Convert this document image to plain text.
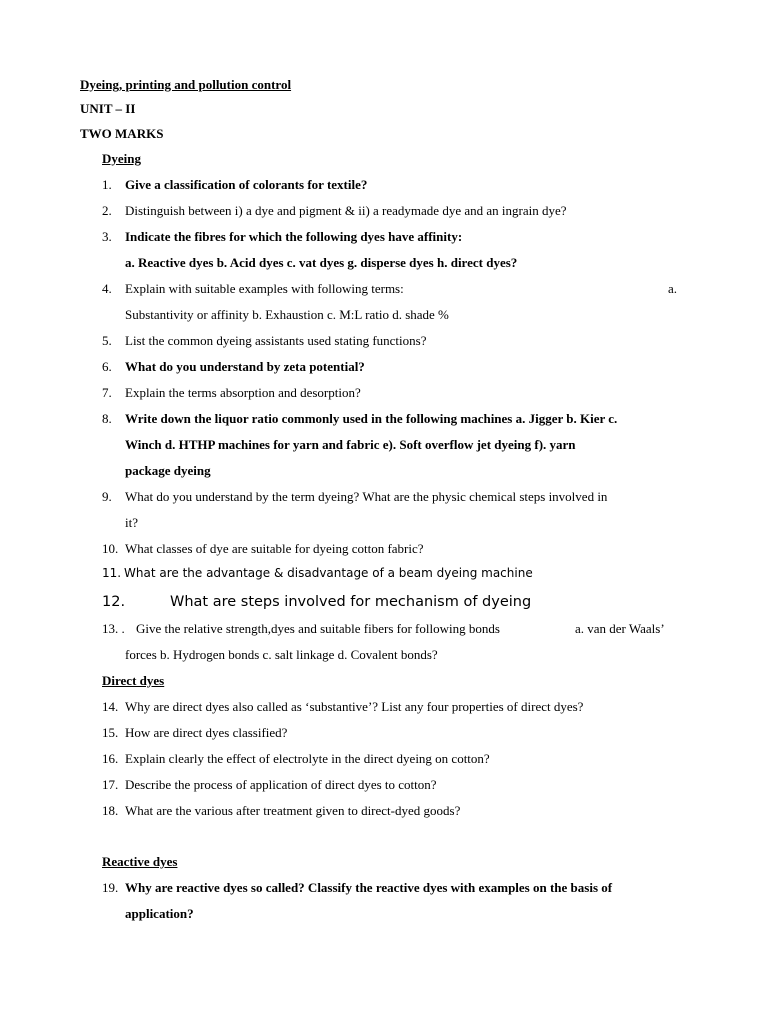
Dyeing, printing and pollution control
UNIT – II
TWO MARKS
Dyeing
1. Give a classification of colorants for textile?
2. Distinguish between i) a dye and pigment & ii) a readymade dye and an ingrain dye?
3. Indicate the fibres for which the following dyes have affinity:
a. Reactive dyes b. Acid dyes c. vat dyes g. disperse dyes h. direct dyes?
4. Explain with suitable examples with following terms:	a.
Substantivity or affinity b. Exhaustion c. M:L ratio d. shade %
5. List the common dyeing assistants used stating functions?
6. What do you understand by zeta potential?
7. Explain the terms absorption and desorption?
8. Write down the liquor ratio commonly used in the following machines a. Jigger b. Kier c.
Winch d. HTHP machines for yarn and fabric e). Soft overflow jet dyeing f). yarn
package dyeing
9. What do you understand by the term dyeing? What are the physic chemical steps involved in
it?
10. What classes of dye are suitable for dyeing cotton fabric?
11. What are the advantage & disadvantage of a beam dyeing machine
12.	What are steps involved for mechanism of dyeing
13. . Give the relative strength,dyes and suitable fibers for following bonds	a. van der Waals’
forces b. Hydrogen bonds c. salt linkage d. Covalent bonds?
Direct dyes
14. Why are direct dyes also called as ‘substantive’? List any four properties of direct dyes?
15. How are direct dyes classified?
16. Explain clearly the effect of electrolyte in the direct dyeing on cotton?
17. Describe the process of application of direct dyes to cotton?
18. What are the various after treatment given to direct-dyed goods?
Reactive dyes
19. Why are reactive dyes so called? Classify the reactive dyes with examples on the basis of
application?
